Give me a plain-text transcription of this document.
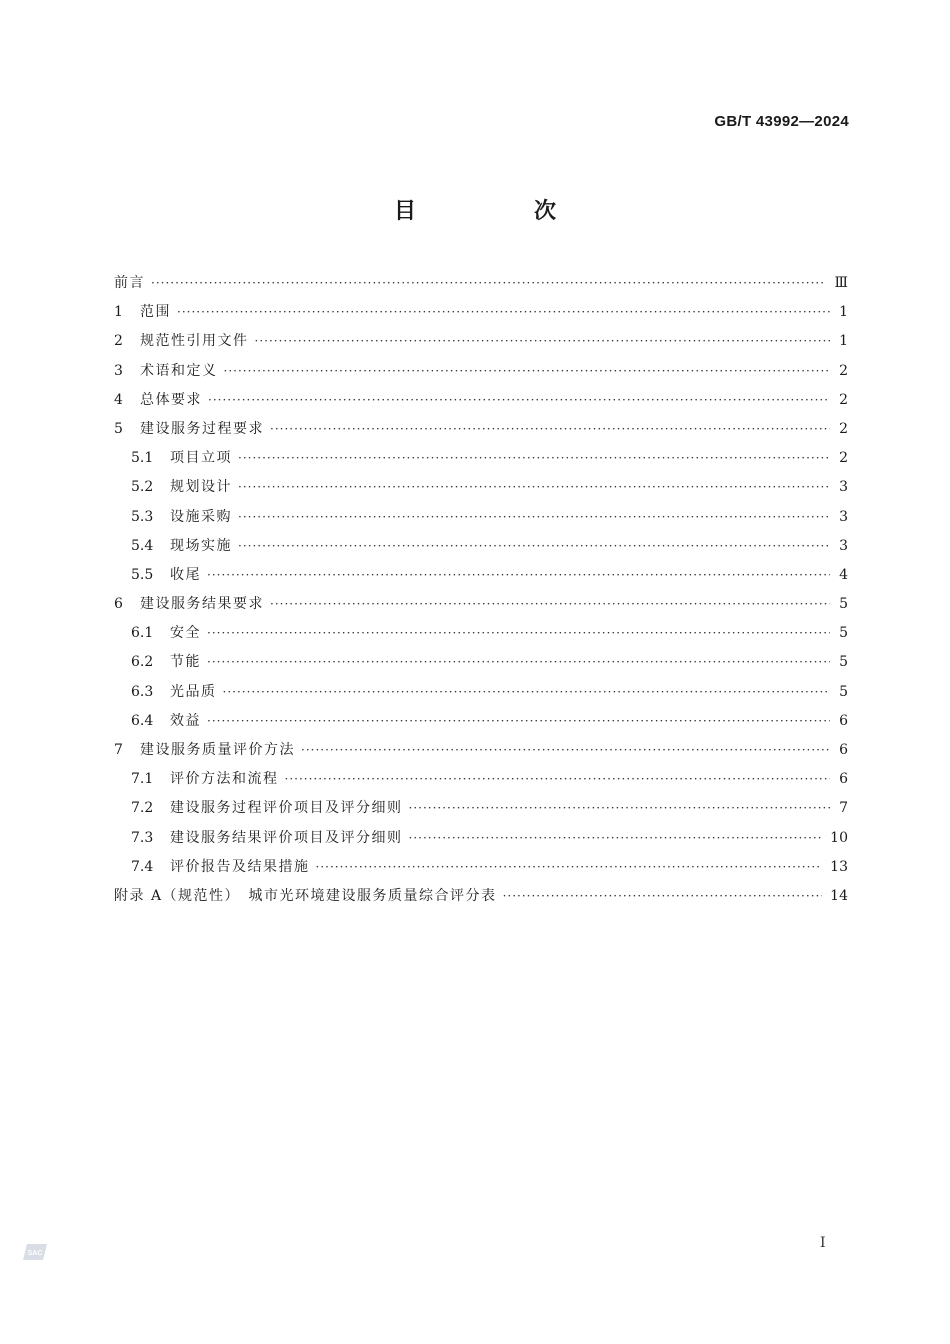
GB/T 43992—2024
目　次
前言 ·····	Ⅲ
1	范围 ·····	1
2	规范性引用文件 ·····	1
3	术语和定义 ·····	2
4	总体要求 ·····	2
5	建设服务过程要求 ·····	2
5.1	项目立项 ·····	2
5.2	规划设计 ·····	3
5.3	设施采购 ·····	3
5.4	现场实施 ·····	3
5.5	收尾 ·····	4
6	建设服务结果要求 ·····	5
6.1	安全 ·····	5
6.2	节能 ·····	5
6.3	光品质 ·····	5
6.4	效益 ·····	6
7	建设服务质量评价方法 ·····	6
7.1	评价方法和流程 ·····	6
7.2	建设服务过程评价项目及评分细则 ·····	7
7.3	建设服务结果评价项目及评分细则 ·····	10
7.4	评价报告及结果措施 ·····	13
附录 A（规范性）　城市光环境建设服务质量综合评分表 ·····	14
SAC
I
